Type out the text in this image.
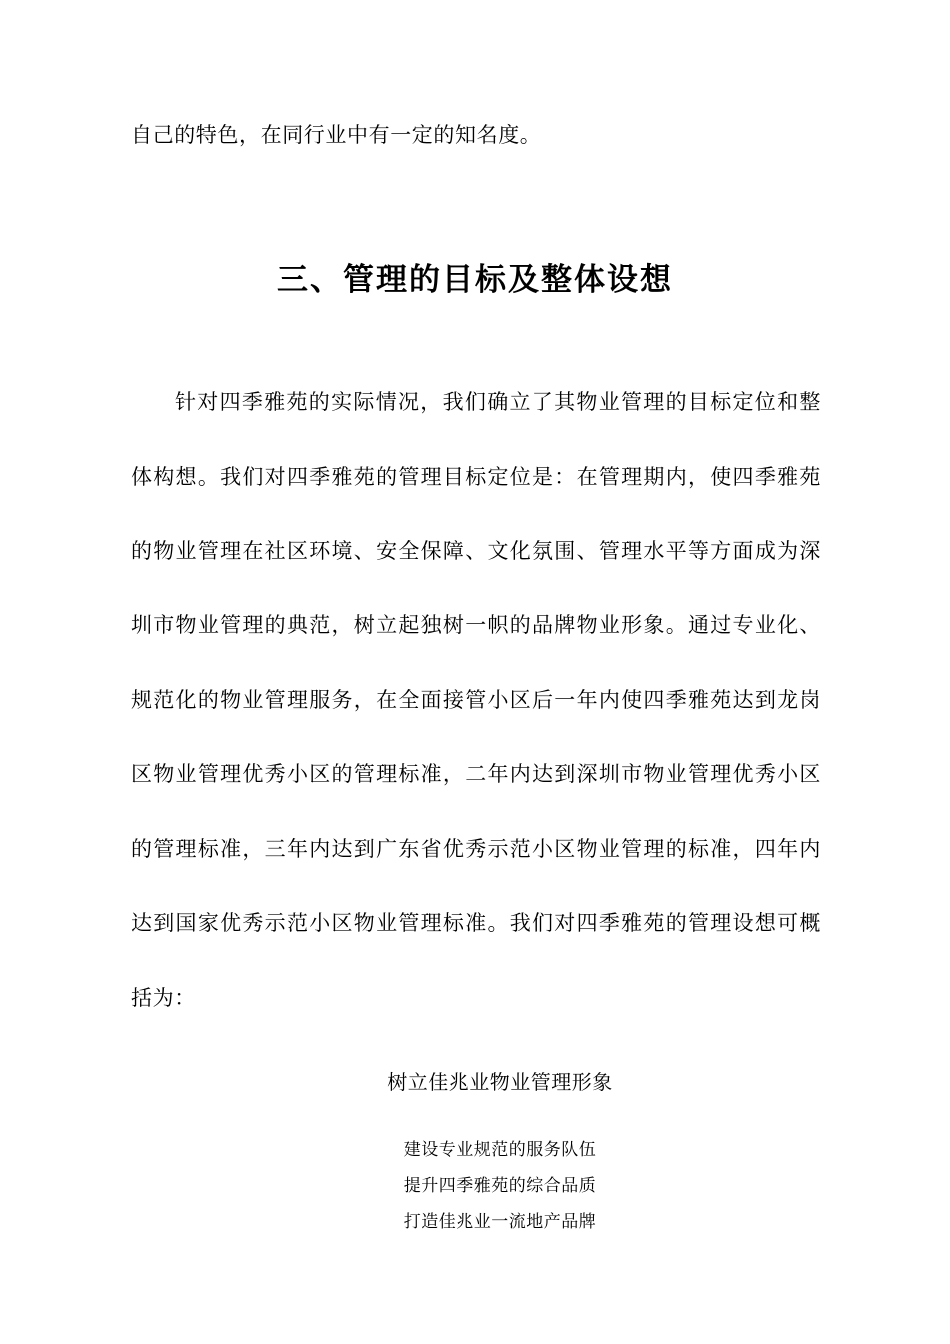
自己的特色，在同行业中有一定的知名度。
三、管理的目标及整体设想
针对四季雅苑的实际情况，我们确立了其物业管理的目标定位和整
体构想。我们对四季雅苑的管理目标定位是：在管理期内，使四季雅苑
的物业管理在社区环境、安全保障、文化氛围、管理水平等方面成为深
圳市物业管理的典范，树立起独树一帜的品牌物业形象。通过专业化、
规范化的物业管理服务，在全面接管小区后一年内使四季雅苑达到龙岗
区物业管理优秀小区的管理标准，二年内达到深圳市物业管理优秀小区
的管理标准，三年内达到广东省优秀示范小区物业管理的标准，四年内
达到国家优秀示范小区物业管理标准。我们对四季雅苑的管理设想可概
括为：
树立佳兆业物业管理形象
建设专业规范的服务队伍
提升四季雅苑的综合品质
打造佳兆业一流地产品牌
